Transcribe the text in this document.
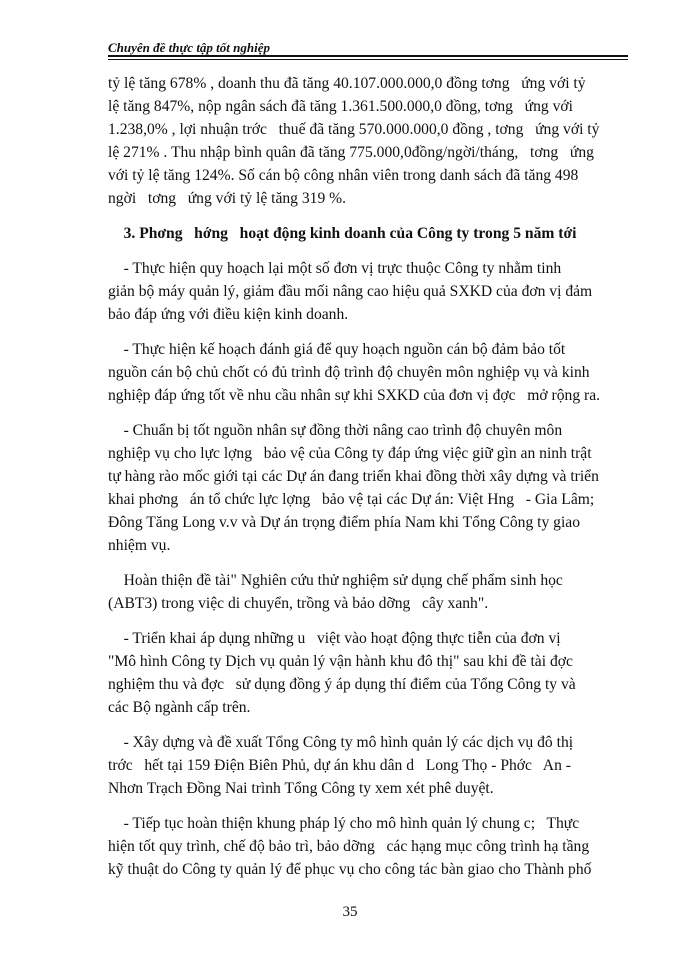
Chuyên đề thực tập tốt nghiệp
tỷ lệ tăng 678% , doanh thu đã tăng 40.107.000.000,0 đồng tơng   ứng với tỷ
lệ tăng 847%, nộp ngân sách đã tăng 1.361.500.000,0 đồng, tơng   ứng với
1.238,0% , lợi nhuận trớc   thuế đã tăng 570.000.000,0 đồng , tơng   ứng với tỷ
lệ 271% . Thu nhập bình quân đã tăng 775.000,0đồng/ngời/tháng,   tơng   ứng
với tỷ lệ tăng 124%. Số cán bộ công nhân viên trong danh sách đã tăng 498
ngời   tơng   ứng với tỷ lệ tăng 319 %.
3. Phơng   hớng   hoạt động kinh doanh của Công ty trong 5 năm tới
- Thực hiện quy hoạch lại một số đơn vị trực thuộc Công ty nhằm tinh
giản bộ máy quản lý, giảm đầu mối nâng cao hiệu quả SXKD của đơn vị đảm
bảo đáp ứng với điều kiện kinh doanh.
- Thực hiện kế hoạch đánh giá để quy hoạch nguồn cán bộ đảm bảo tốt
nguồn cán bộ chủ chốt có đủ trình độ trình độ chuyên môn nghiệp vụ và kinh
nghiệp đáp ứng tốt về nhu cầu nhân sự khi SXKD của đơn vị đợc   mở rộng ra.
- Chuẩn bị tốt nguồn nhân sự đồng thời nâng cao trình độ chuyên môn
nghiệp vụ cho lực lợng   bảo vệ của Công ty đáp ứng việc giữ gìn an ninh trật
tự hàng rào mốc giới tại các Dự án đang triển khai đồng thời xây dựng và triển
khai phơng   án tổ chức lực lợng   bảo vệ tại các Dự án: Việt Hng   - Gia Lâm;
Đông Tăng Long v.v và Dự án trọng điểm phía Nam khi Tổng Công ty giao
nhiệm vụ.
Hoàn thiện đề tài" Nghiên cứu thử nghiệm sử dụng chế phẩm sinh học
(ABT3) trong việc di chuyển, trồng và bảo dỡng   cây xanh".
- Triển khai áp dụng những u   việt vào hoạt động thực tiễn của đơn vị
"Mô hình Công ty Dịch vụ quản lý vận hành khu đô thị" sau khi đề tài đợc
nghiệm thu và đợc   sử dụng đồng ý áp dụng thí điểm của Tổng Công ty và
các Bộ ngành cấp trên.
- Xây dựng và đề xuất Tổng Công ty mô hình quản lý các dịch vụ đô thị
trớc   hết tại 159 Điện Biên Phủ, dự án khu dân d   Long Thọ - Phớc   An -
Nhơn Trạch Đồng Nai trình Tổng Công ty xem xét phê duyệt.
- Tiếp tục hoàn thiện khung pháp lý cho mô hình quản lý chung c;   Thực
hiện tốt quy trình, chế độ bảo trì, bảo dỡng   các hạng mục công trình hạ tầng
kỹ thuật do Công ty quản lý để phục vụ cho công tác bàn giao cho Thành phố
35
